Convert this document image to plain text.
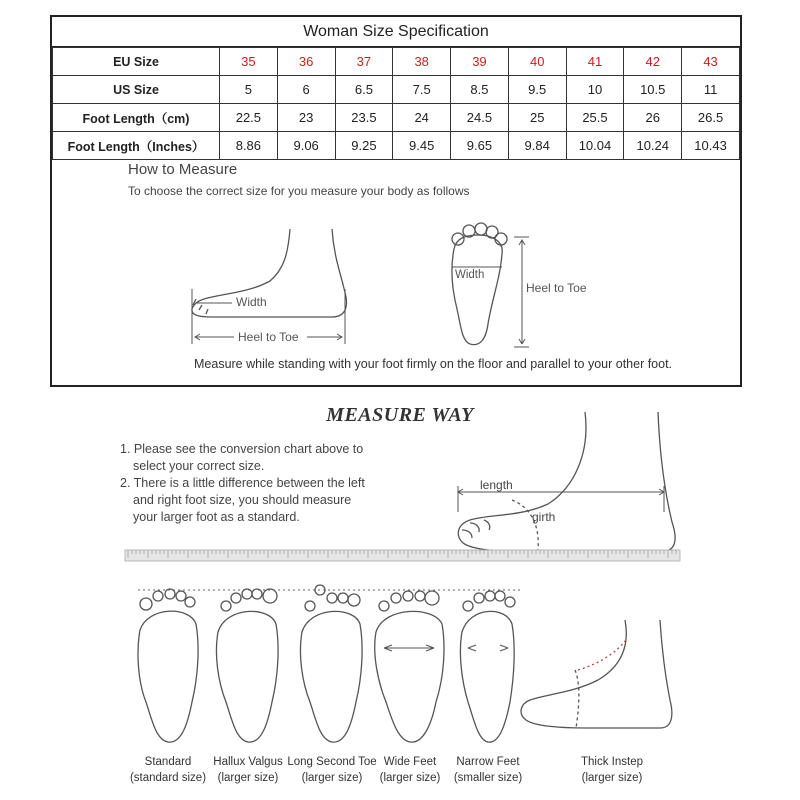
Woman Size Specification
EU Size	35	36	37	38	39	40	41	42	43
US Size	5	6	6.5	7.5	8.5	9.5	10	10.5	11
Foot Length（cm)	22.5	23	23.5	24	24.5	25	25.5	26	26.5
Foot Length（Inches）	8.86	9.06	9.25	9.45	9.65	9.84	10.04	10.24	10.43
How to Measure
To choose the correct size for you measure your body as follows
Width
Heel to Toe
Width
Heel to Toe
Measure while standing with your foot firmly on the floor and parallel to your other foot.
MEASURE WAY
1. Please see the conversion chart above to
select your correct size.
2. There is a little difference between the left
and right foot size, you should measure
your larger foot as a standard.
length
girth
Standard
(standard size)
Hallux Valgus
(larger size)
Long Second Toe
(larger size)
Wide Feet
(larger size)
Narrow Feet
(smaller size)
Thick Instep
(larger size)
